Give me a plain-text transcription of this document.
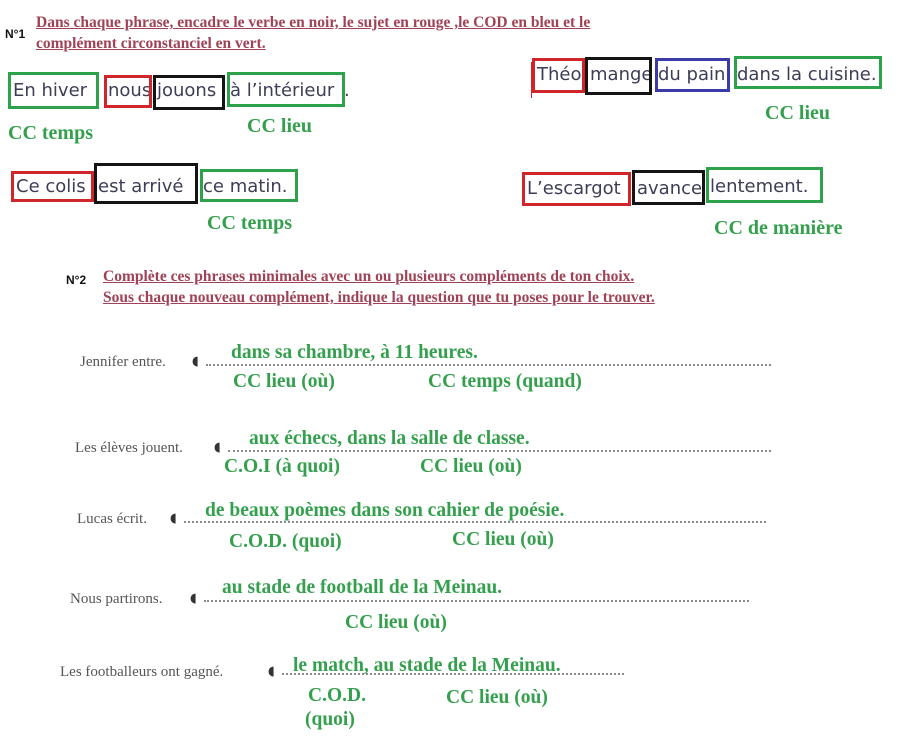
N°1
Dans chaque phrase, encadre le verbe en noir, le sujet en rouge ,le COD en bleu et le
complément circonstanciel en vert.
En hiver nous jouons à l’intérieur .
CC temps	CC lieu
Théo mange du pain dans la cuisine.
CC lieu
Ce colis est arrivé ce matin.
CC temps
L’escargot avance lentement.
CC de manière
N°2 Complète ces phrases minimales avec un ou plusieurs compléments de ton choix.
Sous chaque nouveau complément, indique la question que tu poses pour le trouver.
Jennifer entre. ◖ dans sa chambre, à 11 heures.
CC lieu (où)	CC temps (quand)
Les élèves jouent. ◖ aux échecs, dans la salle de classe.
C.O.I (à quoi)	CC lieu (où)
Lucas écrit. ◖ de beaux poèmes dans son cahier de poésie.
C.O.D. (quoi)	CC lieu (où)
Nous partirons. ◖
au stade de football de la Meinau.
CC lieu (où)
Les footballeurs ont gagné.	◖ le match, au stade de la Meinau.
C.O.D.
(quoi)
CC lieu (où)
